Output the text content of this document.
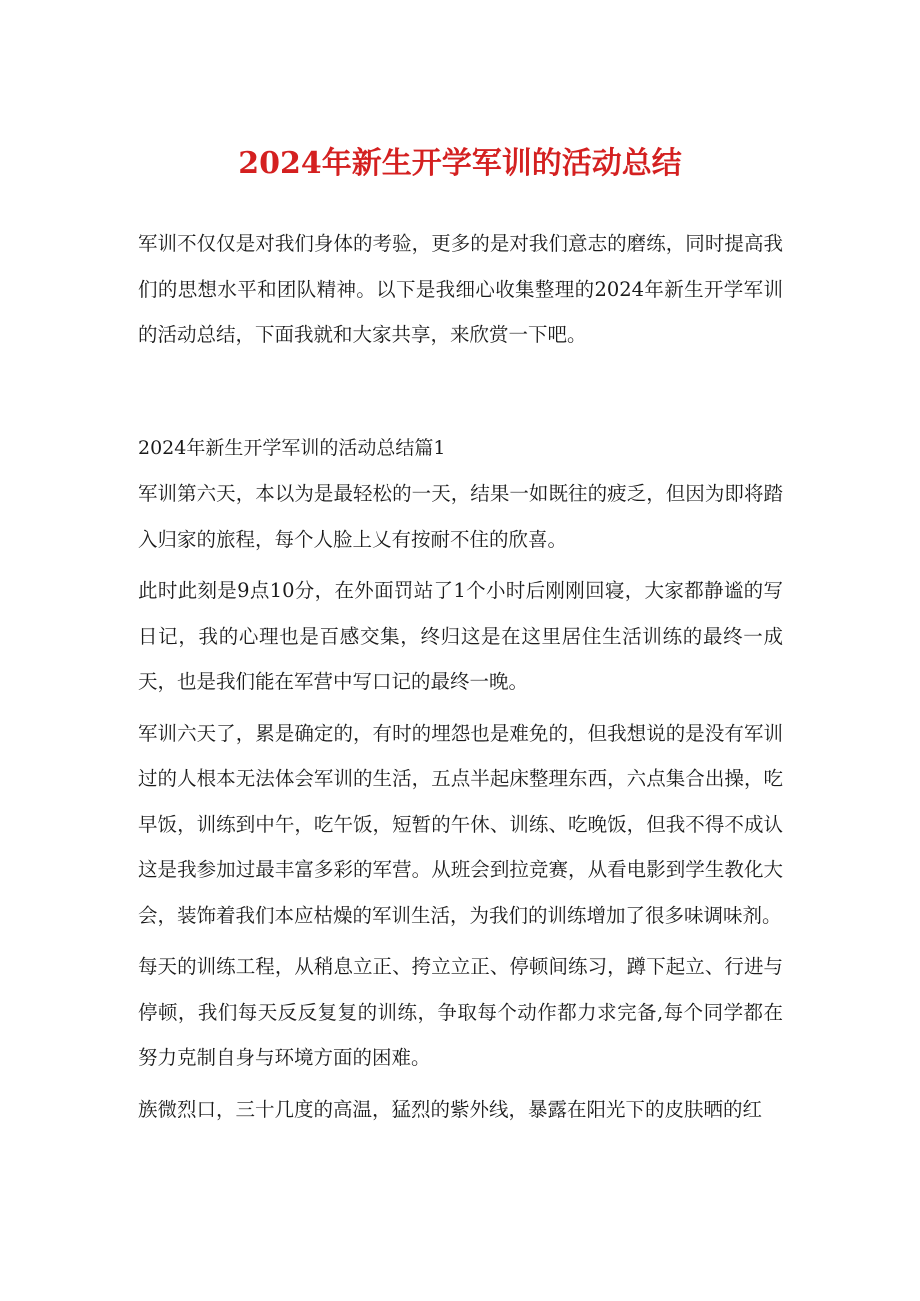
2024年新生开学军训的活动总结

军训不仅仅是对我们身体的考验，更多的是对我们意志的磨练，同时提高我们的思想水平和团队精神。以下是我细心收集整理的2024年新生开学军训的活动总结，下面我就和大家共享，来欣赏一下吧。

2024年新生开学军训的活动总结篇1

军训第六天，本以为是最轻松的一天，结果一如既往的疲乏，但因为即将踏入归家的旅程，每个人脸上乂有按耐不住的欣喜。

此时此刻是9点10分，在外面罚站了1个小时后刚刚回寝，大家都静谧的写日记，我的心理也是百感交集，终归这是在这里居住生活训练的最终一成天，也是我们能在军营中写口记的最终一晚。

军训六天了，累是确定的，有时的埋怨也是难免的，但我想说的是没有军训过的人根本无法体会军训的生活，五点半起床整理东西，六点集合出操，吃早饭，训练到中午，吃午饭，短暂的午休、训练、吃晚饭，但我不得不成认这是我参加过最丰富多彩的军营。从班会到拉竞赛，从看电影到学生教化大会，装饰着我们本应枯燥的军训生活，为我们的训练增加了很多味调味剂。

每天的训练工程，从稍息立正、挎立立正、停顿间练习，蹲下起立、行进与停顿，我们每天反反复复的训练，争取每个动作都力求完备,每个同学都在努力克制自身与环境方面的困难。

族微烈口，三十几度的高温，猛烈的紫外线，暴露在阳光下的皮肤晒的红
